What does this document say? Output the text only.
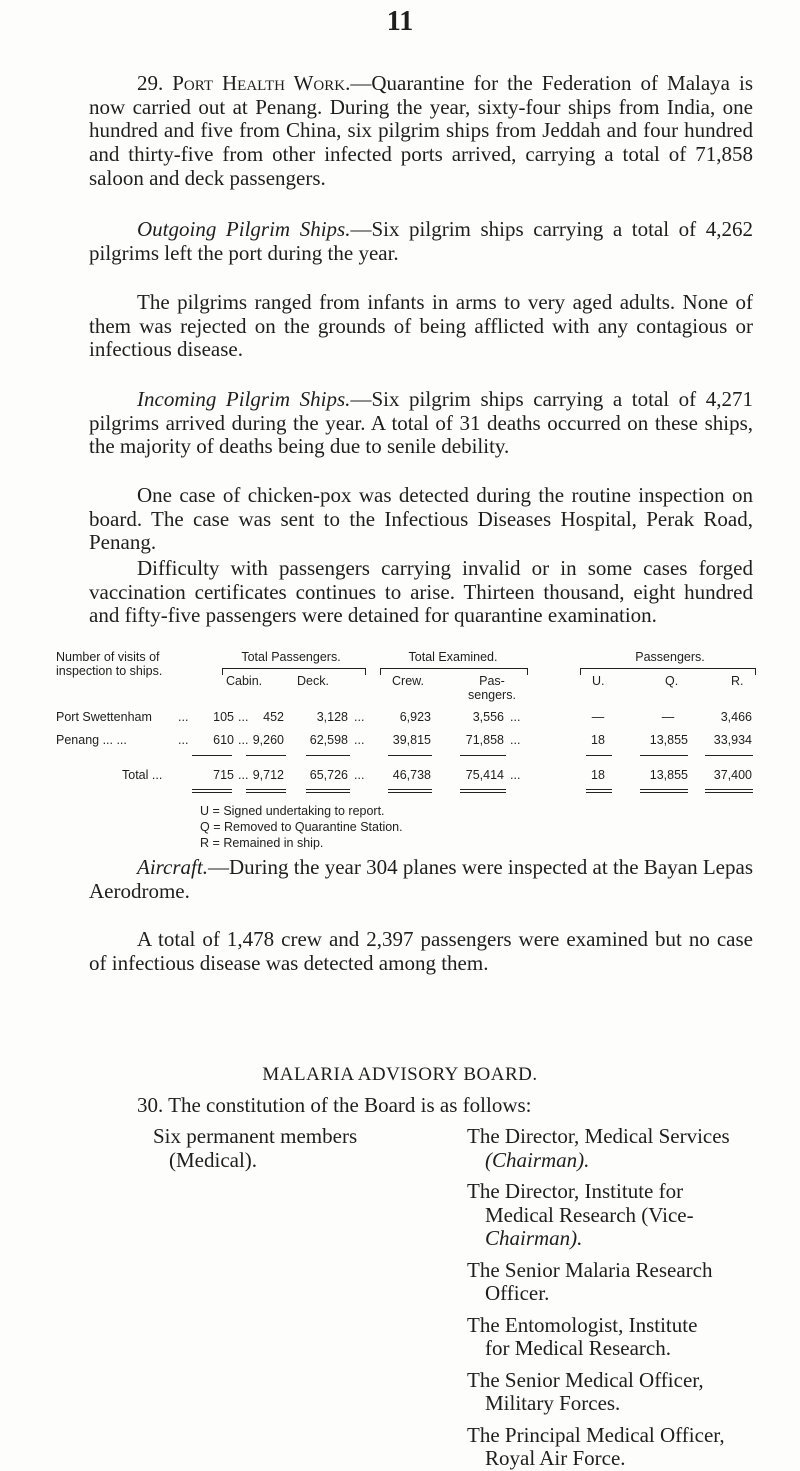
11

29. Port Health Work.—Quarantine for the Federation of Malaya is now carried out at Penang. During the year, sixty-four ships from India, one hundred and five from China, six pilgrim ships from Jeddah and four hundred and thirty-five from other infected ports arrived, carrying a total of 71,858 saloon and deck passengers.

Outgoing Pilgrim Ships.—Six pilgrim ships carrying a total of 4,262 pilgrims left the port during the year.

The pilgrims ranged from infants in arms to very aged adults. None of them was rejected on the grounds of being afflicted with any contagious or infectious disease.

Incoming Pilgrim Ships.—Six pilgrim ships carrying a total of 4,271 pilgrims arrived during the year. A total of 31 deaths occurred on these ships, the majority of deaths being due to senile debility.

One case of chicken-pox was detected during the routine inspection on board. The case was sent to the Infectious Diseases Hospital, Perak Road, Penang.

Difficulty with passengers carrying invalid or in some cases forged vaccination certificates continues to arise. Thirteen thousand, eight hundred and fifty-five passengers were detained for quarantine examination.

Number of visits of
inspection to ships.
Total Passengers.	Total Examined.	Passengers.
Cabin.	Deck.	Crew.	Pas-
sengers.
U.	Q.	R.
Port Swettenham ...	105 ...	452	3,128 ...	6,923	3,556 ...	—	—	3,466
Penang ... ...	...	610 ... 9,260	62,598 ...	39,815	71,858 ...	18	13,855	33,934
Total ...	715 ... 9,712	65,726 ...	46,738	75,414 ...	18	13,855	37,400
U = Signed undertaking to report.
Q = Removed to Quarantine Station.
R = Remained in ship.

Aircraft.—During the year 304 planes were inspected at the Bayan Lepas Aerodrome.

A total of 1,478 crew and 2,397 passengers were examined but no case of infectious disease was detected among them.

MALARIA ADVISORY BOARD.
30. The constitution of the Board is as follows:
Six permanent members
(Medical).
The Director, Medical Services
(Chairman).
The Director, Institute for
Medical Research (Vice-
Chairman).
The Senior Malaria Research
Officer.
The Entomologist, Institute
for Medical Research.
The Senior Medical Officer,
Military Forces.
The Principal Medical Officer,
Royal Air Force.
